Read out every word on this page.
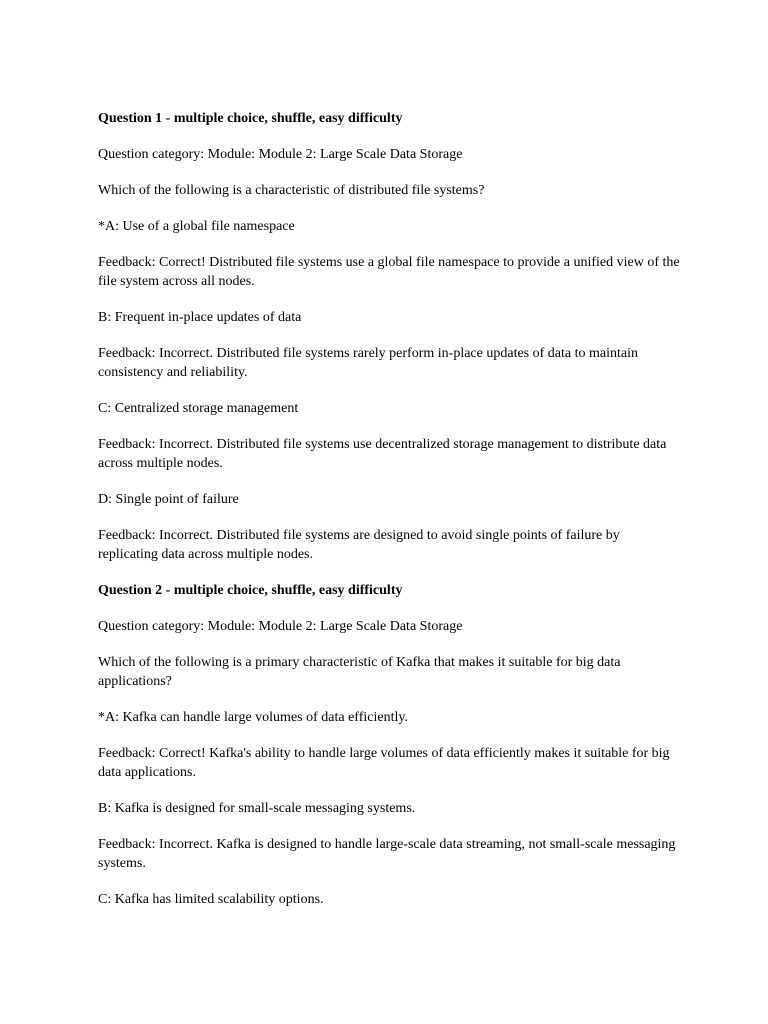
Question 1 - multiple choice, shuffle, easy difficulty

Question category: Module: Module 2: Large Scale Data Storage

Which of the following is a characteristic of distributed file systems?

*A: Use of a global file namespace

Feedback: Correct! Distributed file systems use a global file namespace to provide a unified view of the file system across all nodes.

B: Frequent in-place updates of data

Feedback: Incorrect. Distributed file systems rarely perform in-place updates of data to maintain consistency and reliability.

C: Centralized storage management

Feedback: Incorrect. Distributed file systems use decentralized storage management to distribute data across multiple nodes.

D: Single point of failure

Feedback: Incorrect. Distributed file systems are designed to avoid single points of failure by replicating data across multiple nodes.

Question 2 - multiple choice, shuffle, easy difficulty

Question category: Module: Module 2: Large Scale Data Storage

Which of the following is a primary characteristic of Kafka that makes it suitable for big data applications?

*A: Kafka can handle large volumes of data efficiently.

Feedback: Correct! Kafka's ability to handle large volumes of data efficiently makes it suitable for big data applications.

B: Kafka is designed for small-scale messaging systems.

Feedback: Incorrect. Kafka is designed to handle large-scale data streaming, not small-scale messaging systems.

C: Kafka has limited scalability options.
